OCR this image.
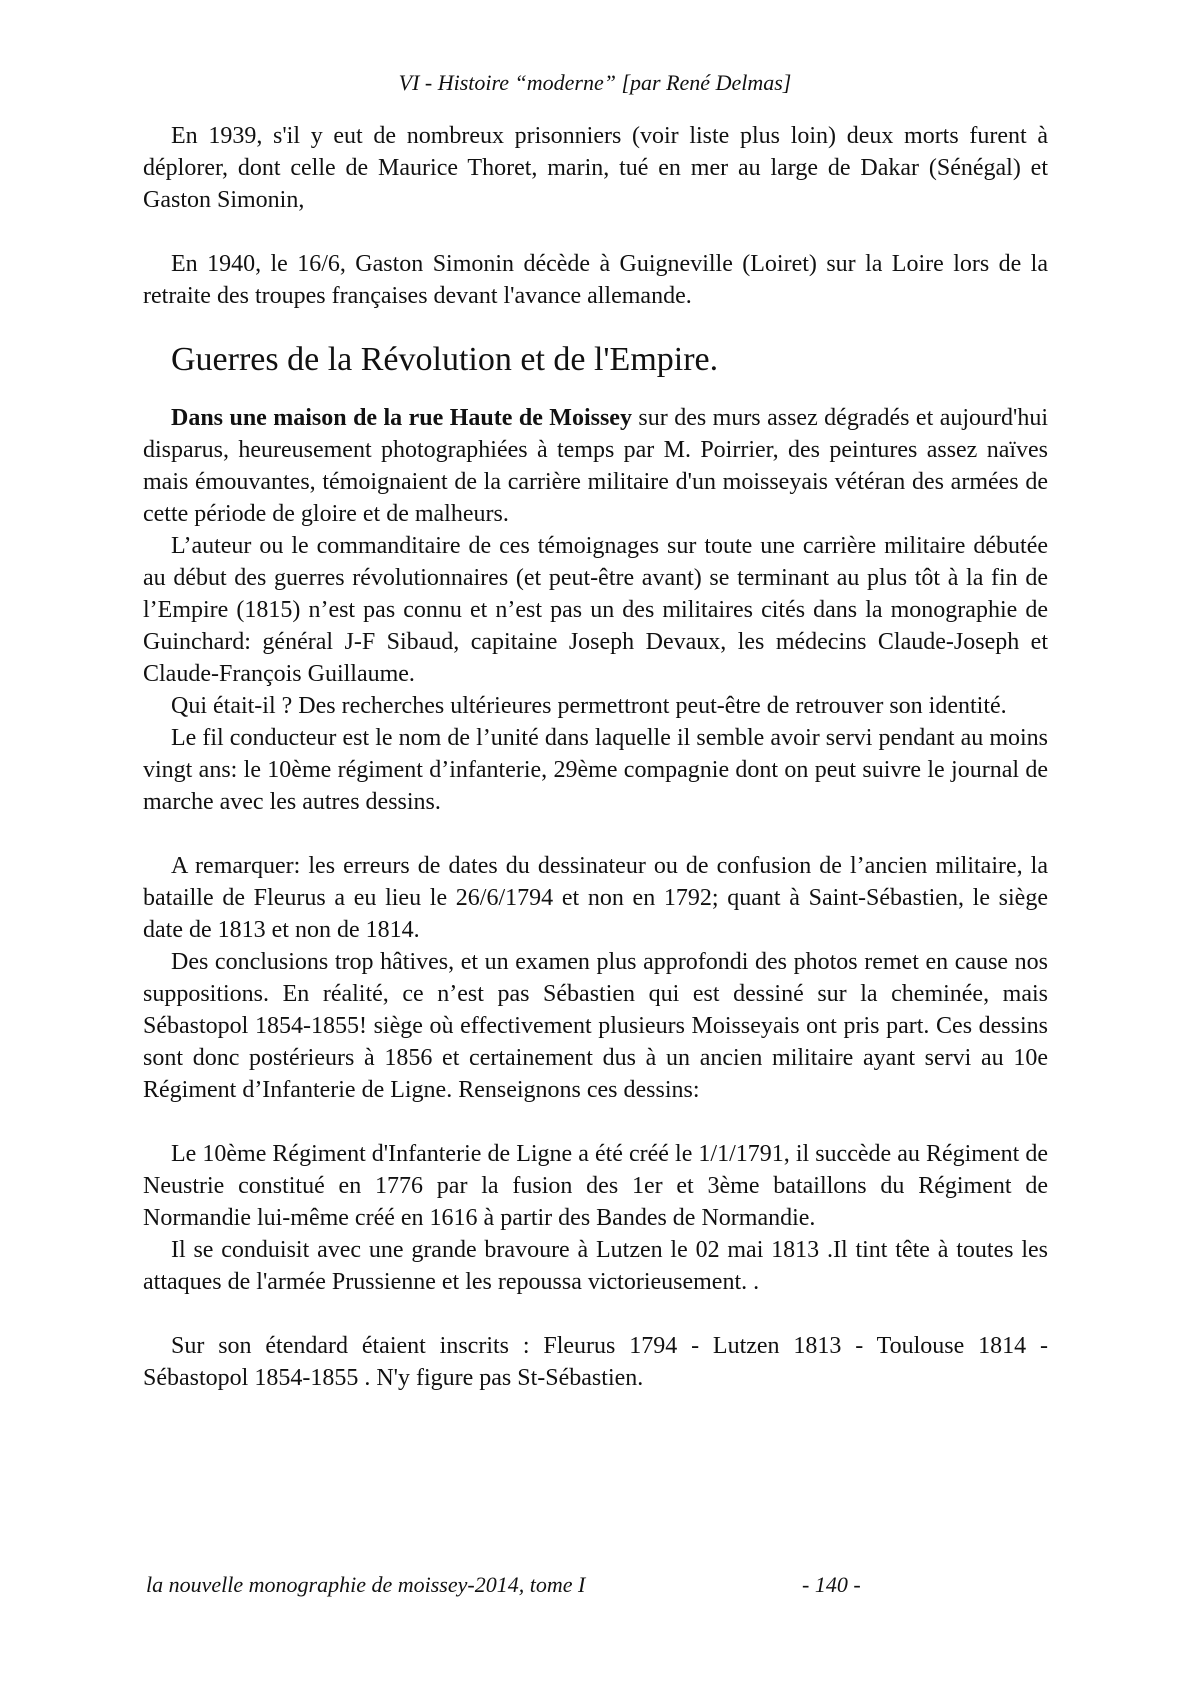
VI - Histoire “moderne” [par René Delmas]

En 1939, s'il y eut de nombreux prisonniers (voir liste plus loin) deux morts furent à déplorer, dont celle de Maurice Thoret, marin, tué en mer au large de Dakar (Sénégal) et Gaston Simonin,

En 1940, le 16/6, Gaston Simonin décède à Guigneville (Loiret) sur la Loire lors de la retraite des troupes françaises devant l'avance allemande.

Guerres de la Révolution et de l'Empire.

Dans une maison de la rue Haute de Moissey sur des murs assez dégradés et aujourd'hui disparus, heureusement photographiées à temps par M. Poirrier, des peintures assez naïves mais émouvantes, témoignaient de la carrière militaire d'un moisseyais vétéran des armées de cette période de gloire et de malheurs.

L’auteur ou le commanditaire de ces témoignages sur toute une carrière militaire débutée au début des guerres révolutionnaires (et peut-être avant) se terminant au plus tôt à la fin de l’Empire (1815) n’est pas connu et n’est pas un des militaires cités dans la monographie de Guinchard: général J-F Sibaud, capitaine Joseph Devaux, les médecins Claude-Joseph et Claude-François Guillaume.

Qui était-il ? Des recherches ultérieures permettront peut-être de retrouver son identité.

Le fil conducteur est le nom de l’unité dans laquelle il semble avoir servi pendant au moins vingt ans: le 10ème régiment d’infanterie, 29ème compagnie dont on peut suivre le journal de marche avec les autres dessins.

A remarquer: les erreurs de dates du dessinateur ou de confusion de l’ancien militaire, la bataille de Fleurus a eu lieu le 26/6/1794 et non en 1792; quant à Saint-Sébastien, le siège date de 1813 et non de 1814.

Des conclusions trop hâtives, et un examen plus approfondi des photos remet en cause nos suppositions. En réalité, ce n’est pas Sébastien qui est dessiné sur la cheminée, mais Sébastopol 1854-1855! siège où effectivement plusieurs Moisseyais ont pris part. Ces dessins sont donc postérieurs à 1856 et certainement dus à un ancien militaire ayant servi au 10e Régiment d’Infanterie de Ligne. Renseignons ces dessins:

Le 10ème Régiment d'Infanterie de Ligne a été créé le 1/1/1791, il succède au Régiment de Neustrie constitué en 1776 par la fusion des 1er et 3ème bataillons du Régiment de Normandie lui-même créé en 1616 à partir des Bandes de Normandie.

Il se conduisit avec une grande bravoure à Lutzen le 02 mai 1813 .Il tint tête à toutes les attaques de l'armée Prussienne et les repoussa victorieusement. .

Sur son étendard étaient inscrits : Fleurus 1794 - Lutzen 1813 - Toulouse 1814 - Sébastopol 1854-1855 . N'y figure pas St-Sébastien.

la nouvelle monographie de moissey-2014, tome I	- 140 -
